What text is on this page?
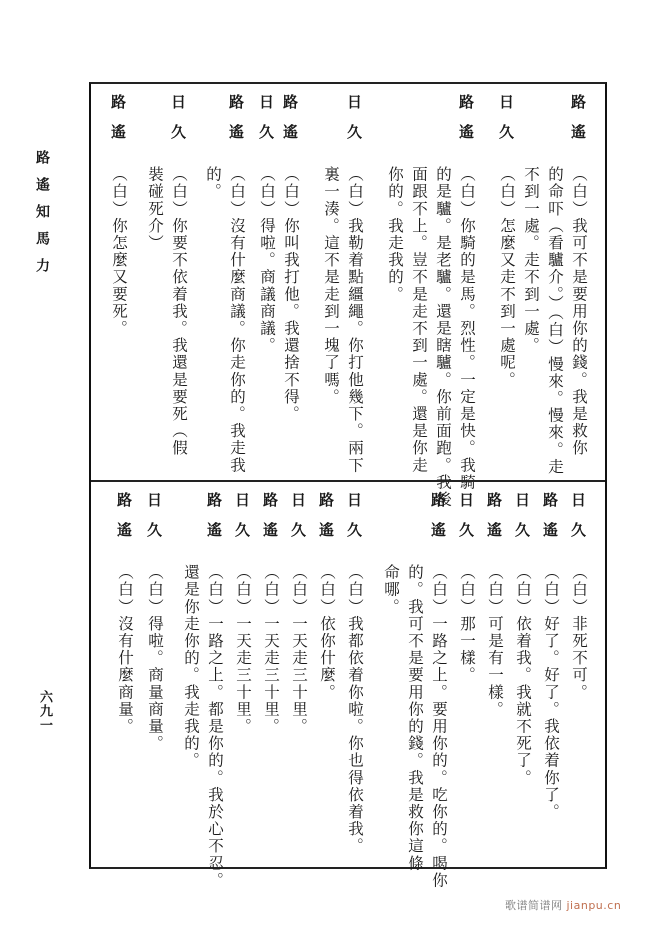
路遙知馬力
六九一
路遙
（白）我可不是要用你的錢。我是救你
的命吓（看驢介。）（白）慢來。慢來。走
不到一處。走不到一處。
日久
（白）怎麼又走不到一處呢。
路遙
（白）你騎的是馬。烈性。一定是快。我騎
的是驢。是老驢。還是瞎驢。你前面跑。我後
面跟不上。豈不是走不到一處。還是你走
你的。我走我的。
日久
（白）我勒着點繮繩。你打他幾下。兩下
裏一湊。這不是走到一塊了嗎。
路遙
（白）你叫我打他。我還捨不得。
日久
（白）得啦。商議商議。
路遙
（白）沒有什麼商議。你走你的。我走我
的。
日久
（白）你要不依着我。我還是要死（假
裝碰死介）
路遙
（白）你怎麼又要死。
日久
（白）非死不可。
路遙
（白）好了。好了。我依着你了。
日久
（白）依着我。我就不死了。
路遙
（白）可是有一樣。
日久
（白）那一樣。
路遙
（白）一路之上。要用你的。吃你的。喝你
的。我可不是要用你的錢。我是救你這條
命哪。
日久
（白）我都依着你啦。你也得依着我。
路遙
（白）依你什麼。
日久
（白）一天走三十里。
路遙
（白）一天走三十里。
日久
（白）一天走三十里。
路遙
（白）一路之上。都是你的。我於心不忍。
還是你走你的。我走我的。
日久
（白）得啦。商量商量。
路遙
（白）沒有什麼商量。
歌谱简谱网 jianpu.cn
